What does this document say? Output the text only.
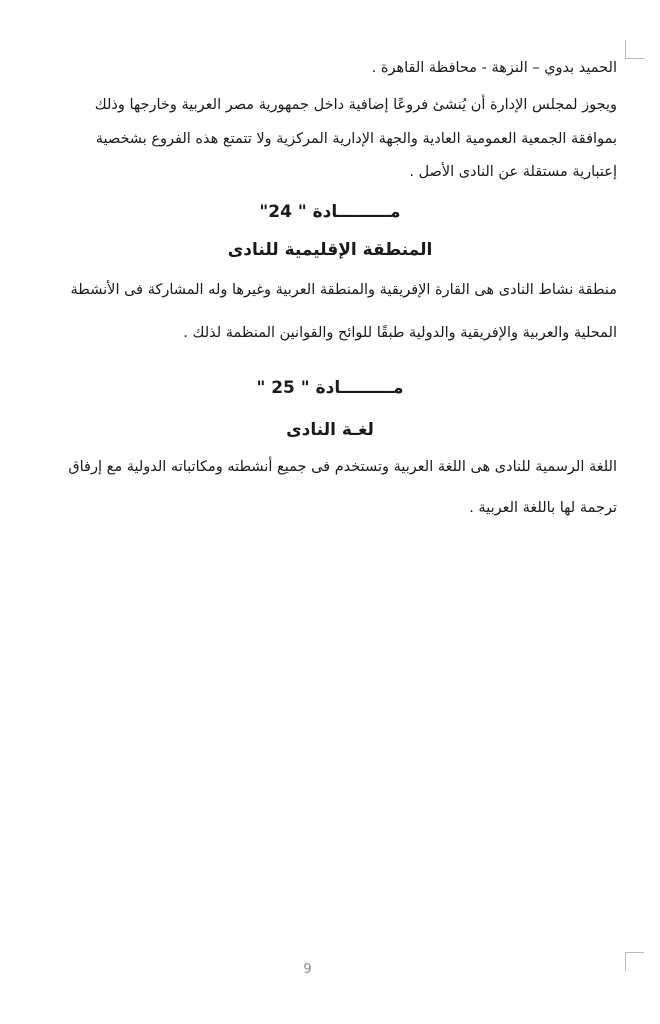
الحميد بدوي – النزهة - محافظة القاهرة .
ويجوز لمجلس الإدارة أن يُنشئ فروعًا إضافية داخل جمهورية مصر العربية وخارجها وذلك
بموافقة الجمعية العمومية العادية والجهة الإدارية المركزية ولا تتمتع هذه الفروع بشخصية
إعتبارية مستقلة عن النادى الأصل .
مـــــــــادة " 24"
المنطقة الإقليمية للنادى
منطقة نشاط النادى هى القارة الإفريقية والمنطقة العربية وغيرها وله المشاركة فى الأنشطة
المحلية والعربية والإفريقية والدولية طبقًا للوائح والقوانين المنظمة لذلك .
مـــــــــادة " 25 "
لغـة النادى
اللغة الرسمية للنادى هى اللغة العربية وتستخدم فى جميع أنشطته ومكاتباته الدولية مع إرفاق
ترجمة لها باللغة العربية .
9
